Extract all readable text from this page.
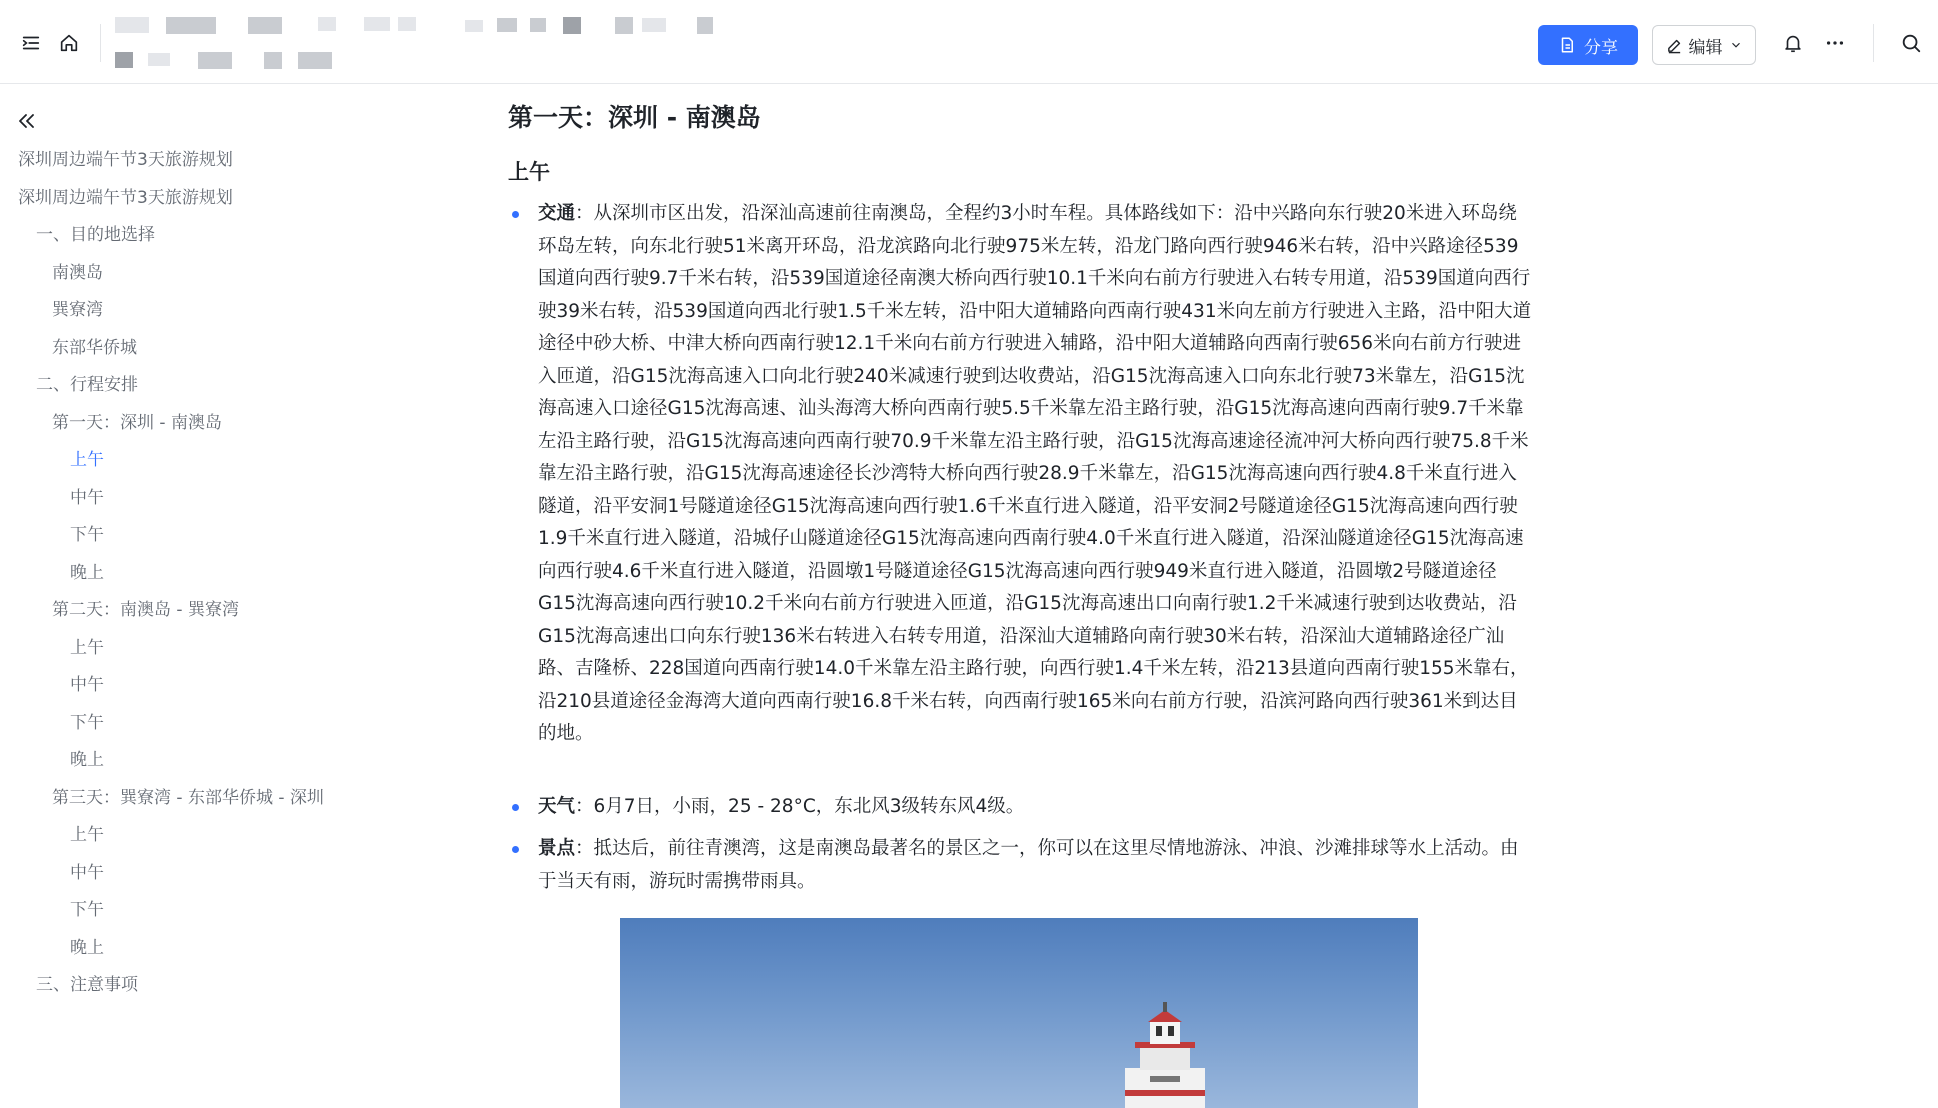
分享	编辑
深圳周边端午节3天旅游规划
深圳周边端午节3天旅游规划
一、目的地选择
南澳岛
巽寮湾
东部华侨城
二、行程安排
第一天：深圳 - 南澳岛
上午
中午
下午
晚上
第二天：南澳岛 - 巽寮湾
上午
中午
下午
晚上
第三天：巽寮湾 - 东部华侨城 - 深圳
上午
中午
下午
晚上
三、注意事项
第一天：深圳 - 南澳岛
上午
交通：从深圳市区出发，沿深汕高速前往南澳岛，全程约3小时车程。具体路线如下：沿中兴路向东行驶20米进入环岛绕环岛左转，向东北行驶51米离开环岛，沿龙滨路向北行驶975米左转，沿龙门路向西行驶946米右转，沿中兴路途径539国道向西行驶9.7千米右转，沿539国道途径南澳大桥向西行驶10.1千米向右前方行驶进入右转专用道，沿539国道向西行驶39米右转，沿539国道向西北行驶1.5千米左转，沿中阳大道辅路向西南行驶431米向左前方行驶进入主路，沿中阳大道途径中砂大桥、中津大桥向西南行驶12.1千米向右前方行驶进入辅路，沿中阳大道辅路向西南行驶656米向右前方行驶进入匝道，沿G15沈海高速入口向北行驶240米减速行驶到达收费站，沿G15沈海高速入口向东北行驶73米靠左，沿G15沈海高速入口途径G15沈海高速、汕头海湾大桥向西南行驶5.5千米靠左沿主路行驶，沿G15沈海高速向西南行驶9.7千米靠左沿主路行驶，沿G15沈海高速向西南行驶70.9千米靠左沿主路行驶，沿G15沈海高速途径流冲河大桥向西行驶75.8千米靠左沿主路行驶，沿G15沈海高速途径长沙湾特大桥向西行驶28.9千米靠左，沿G15沈海高速向西行驶4.8千米直行进入隧道，沿平安洞1号隧道途径G15沈海高速向西行驶1.6千米直行进入隧道，沿平安洞2号隧道途径G15沈海高速向西行驶1.9千米直行进入隧道，沿城仔山隧道途径G15沈海高速向西南行驶4.0千米直行进入隧道，沿深汕隧道途径G15沈海高速向西行驶4.6千米直行进入隧道，沿圆墩1号隧道途径G15沈海高速向西行驶949米直行进入隧道，沿圆墩2号隧道途径G15沈海高速向西行驶10.2千米向右前方行驶进入匝道，沿G15沈海高速出口向南行驶1.2千米减速行驶到达收费站，沿G15沈海高速出口向东行驶136米右转进入右转专用道，沿深汕大道辅路向南行驶30米右转，沿深汕大道辅路途径广汕路、吉隆桥、228国道向西南行驶14.0千米靠左沿主路行驶，向西行驶1.4千米左转，沿213县道向西南行驶155米靠右，沿210县道途径金海湾大道向西南行驶16.8千米右转，向西南行驶165米向右前方行驶，沿滨河路向西行驶361米到达目的地。
天气：6月7日，小雨，25 - 28°C，东北风3级转东风4级。
景点：抵达后，前往青澳湾，这是南澳岛最著名的景区之一，你可以在这里尽情地游泳、冲浪、沙滩排球等水上活动。由于当天有雨，游玩时需携带雨具。
